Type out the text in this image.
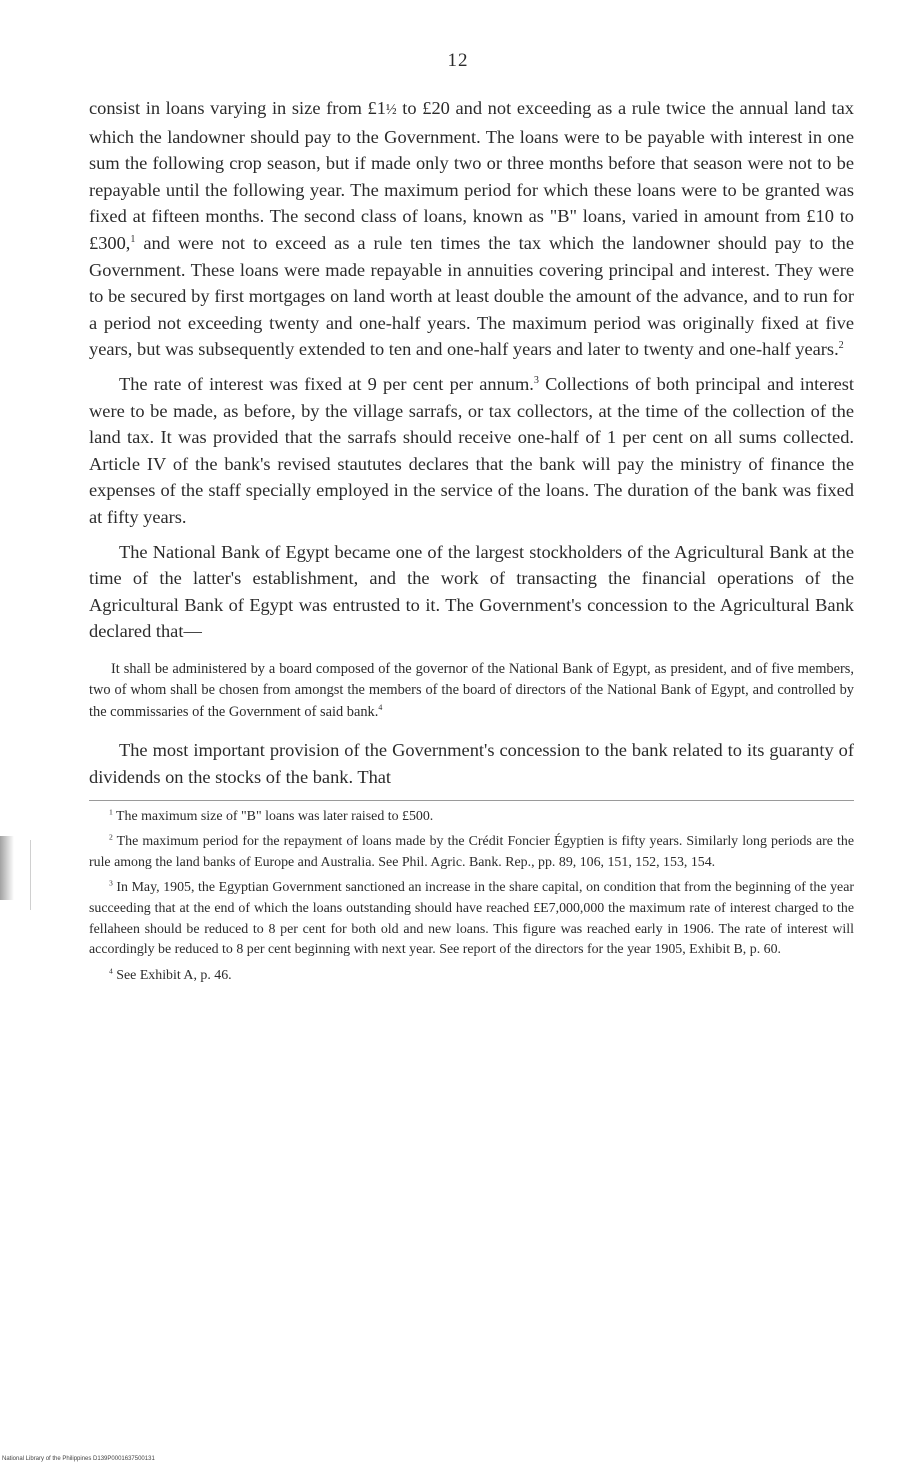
12

consist in loans varying in size from £1½ to £20 and not exceeding as a rule twice the annual land tax which the landowner should pay to the Government. The loans were to be payable with interest in one sum the following crop season, but if made only two or three months before that season were not to be repayable until the following year. The maximum period for which these loans were to be granted was fixed at fifteen months. The second class of loans, known as "B" loans, varied in amount from £10 to £300,$^1$ and were not to exceed as a rule ten times the tax which the landowner should pay to the Government. These loans were made repayable in annuities covering principal and interest. They were to be secured by first mortgages on land worth at least double the amount of the advance, and to run for a period not exceeding twenty and one-half years. The maximum period was originally fixed at five years, but was subsequently extended to ten and one-half years and later to twenty and one-half years.$^2$

The rate of interest was fixed at 9 per cent per annum.$^3$ Collections of both principal and interest were to be made, as before, by the village sarrafs, or tax collectors, at the time of the collection of the land tax. It was provided that the sarrafs should receive one-half of 1 per cent on all sums collected. Article IV of the bank's revised staututes declares that the bank will pay the ministry of finance the expenses of the staff specially employed in the service of the loans. The duration of the bank was fixed at fifty years.

The National Bank of Egypt became one of the largest stockholders of the Agricultural Bank at the time of the latter's establishment, and the work of transacting the financial operations of the Agricultural Bank of Egypt was entrusted to it. The Government's concession to the Agricultural Bank declared that—

It shall be administered by a board composed of the governor of the National Bank of Egypt, as president, and of five members, two of whom shall be chosen from amongst the members of the board of directors of the National Bank of Egypt, and controlled by the commissaries of the Government of said bank.$^4$

The most important provision of the Government's concession to the bank related to its guaranty of dividends on the stocks of the bank. That

$^1$ The maximum size of "B" loans was later raised to £500.

$^2$ The maximum period for the repayment of loans made by the Crédit Foncier Égyptien is fifty years. Similarly long periods are the rule among the land banks of Europe and Australia. See Phil. Agric. Bank. Rep., pp. 89, 106, 151, 152, 153, 154.

$^3$ In May, 1905, the Egyptian Government sanctioned an increase in the share capital, on condition that from the beginning of the year succeeding that at the end of which the loans outstanding should have reached £E7,000,000 the maximum rate of interest charged to the fellaheen should be reduced to 8 per cent for both old and new loans. This figure was reached early in 1906. The rate of interest will accordingly be reduced to 8 per cent beginning with next year. See report of the directors for the year 1905, Exhibit B, p. 60.

$^4$ See Exhibit A, p. 46.

National Library of the Philippines D139P0001637500131
